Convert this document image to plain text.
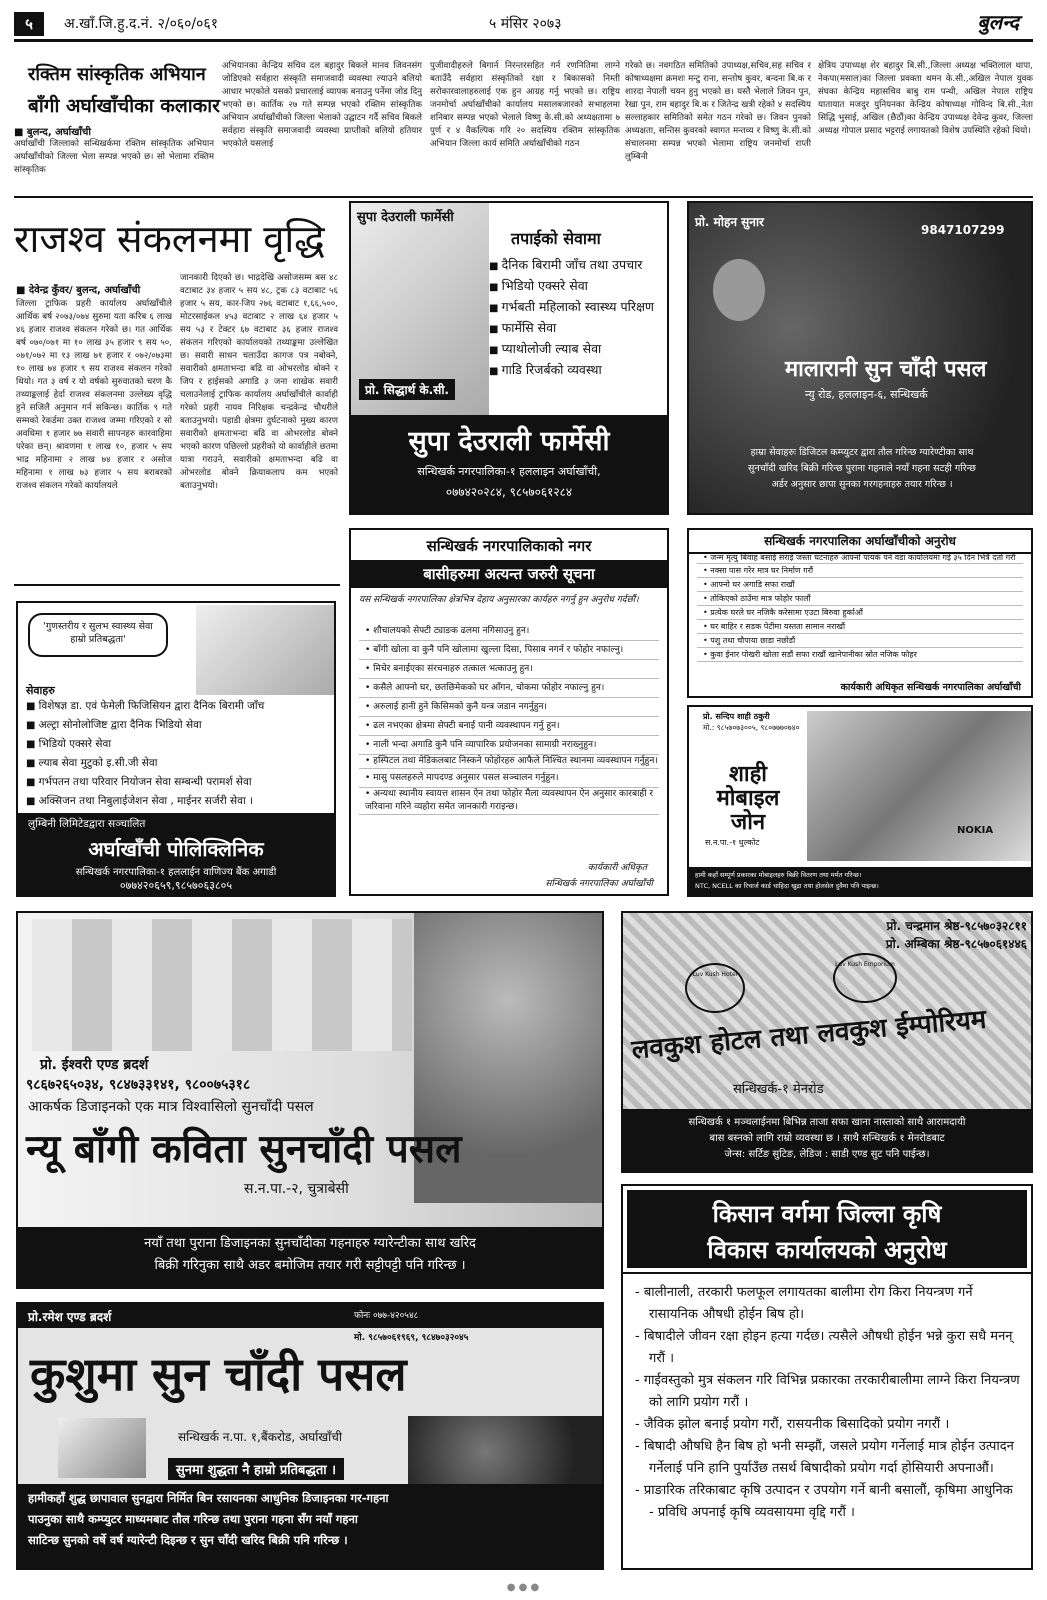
५	अ.खाँ.जि.हु.द.नं. २/०६०/०६१	५ मंसिर २०७३	बुलन्द
रक्तिम सांस्कृतिक अभियान
बाँगी अर्घाखाँचीका कलाकार
■ बुलन्द, अर्घाखाँची
अर्घाखाँची जिल्लाको सन्धिखर्कमा रक्तिम सांस्कृतिक अभियान अर्घाखाँचीको जिल्ला भेला सम्पन्न भएको छ। सो भेलामा रक्तिम सांस्कृतिक
अभियानका केन्द्रिय सचिव दल बहादुर बिकले मानव जिवनसंग जोडिएको सर्वहारा संस्कृति समाजवादी व्यवस्था ल्याउने बलियो आधार भएकोले यसको प्रचारलाई व्यापक बनाउनु पर्नेमा जोड दिनु भएको छ। कार्तिक २७ गते सम्पन्न भएको रक्तिम सांस्कृतिक अभियान अर्घाखाँचीको जिल्ला भेलाको उद्घाटन गर्दै सचिव बिकले सर्वहारा संस्कृति समाजवादी व्यवस्था प्राप्तीको बलियो हतियार भएकोले यसलाई
पुजीवादीहरुले बिगार्न निरन्तरसहित गर्न रणनितिमा लाग्ने बताउँदै सर्वहारा संस्कृतिको रक्षा र बिकासको निम्ती सरोकारवालाहरुलाई एक हुन आग्रह गर्नु भएको छ। राष्ट्रिय जनमोर्चा अर्घाखाँचीको कार्यालय मसालबजारको सभाहलमा शनिबार सम्पन्न भएको भेलाले विष्णु के.सी.को अध्यक्षतामा ७ पुर्ण र ४ वैकल्पिक गरि २० सदस्यिय रक्तिम सांस्कृतिक अभियान जिल्ला कार्य समिति अर्घाखाँचीको गठन
गरेको छ। नवगठित समितिको उपाध्यक्ष,सचिव,सह सचिव र कोषाध्यक्षमा क्रमशः मन्टु राना, सन्तोष कुवर, बन्दना बि.क र शारदा नेपाली चयन हुनु भएको छ। यस्तै भेलाले जिवन पुन, रेखा पुन, राम बहादुर बि.क र जितेन्द्र खत्री रहेको ४ सदस्यिय सल्लाहकार समितिको समेत गठन गरेको छ। जिवन पुनको अध्यक्षता, सन्तिस कुवरको स्वागत मन्तव्य र विष्णु के.सी.को संचालनमा सम्पन्न भएको भेलामा राष्ट्रिय जनमोर्चा राप्ती लुम्बिनी
क्षेत्रिय उपाध्यक्ष शेर बहादुर बि.सी.,जिल्ला अध्यक्ष भक्तिलाल थापा, नेकपा(मसाल)का जिल्ला प्रवक्ता थमन के.सी.,अखिल नेपाल युवक संघका केन्द्रिय महासचिव बाबु राम पन्थी, अखिल नेपाल राष्ट्रिय यातायात मजदुर युनियनका केन्द्रिय कोषाध्यक्ष गोविन्द बि.सी.,नेता सिद्धि भुसाई, अखिल (छैठौं)का केन्द्रिय उपाध्यक्ष देवेन्द्र कुवर, जिल्ला अध्यक्ष गोपाल प्रसाद भट्टराई लगायतको विशेष उपस्थिति रहेको थियो।
राजश्व संकलनमा वृद्धि
■ देवेन्द्र कुँवर/ बुलन्द, अर्घाखाँची
जिल्ला ट्राफिक प्रहरी कार्यालय अर्घाखाँचीले आर्थिक बर्ष २०७३/०७४ सुरुमा यता करिब ६ लाख ४६ हजार राजश्व संकलन गरेको छ। गत आर्थिक बर्ष ०७०/०७१ मा १० लाख ३५ हजार ९ सय ५०, ०७१/०७२ मा १३ लाख ७१ हजार र ०७२/०७३मा १० लाख ७४ हजार ९ सय राजश्व संकलन गरेको थियो। गत ३ वर्ष र यो वर्षको सुरुवातको चरण कै तथ्याङ्कलाई हेर्दा राजश्व संकलनमा उल्लेख्य वृद्धि हुने सजिलै अनुमान गर्न सकिन्छ। कार्तिक ९ गते सम्मको रेकर्डमा उक्त राजश्व जम्मा गरिएको र सो अवधिमा १ हजार ७७ सवारी सापनहरु कारवाहिमा परेका छन्। श्रावणमा १ लाख १०, हजार ५ सय भाद्र महिनामा २ लाख ७४ हजार र असोज महिनामा १ लाख ७३ हजार ५ सय बराबरको राजश्व संकलन गरेको कार्यालयले
जानकारी दिएको छ। भाद्रदेखि असोजसम्म बस ४८ वटाबाट ३४ हजार ५ सय ४८, ट्रक ८३ वटाबाट ५६ हजार ५ सय, कार-जिप २७६ वटाबाट १,६६,५००, मोटरसाईकल ४५३ वटाबाट २ लाख ६४ हजार ५ सय ५३ र टेक्टर ६७ वटाबाट ३६ हजार राजश्व संकलन गरिएको कार्यालयको तथ्याङ्कमा उल्लेखित छ। सवारी साधन चलाउँदा कागज पत्र नबोक्ने, सवारीको क्षमताभन्दा बढि वा ओभरलोड बोक्ने र जिप र हाईसको अगाडि ३ जना शाखेक सवारी चलाउनेलाई ट्राफिक कार्यालय अर्घाखाँचीले कार्वाही गरेको प्रहरी नायव निरिक्षक चन्द्रकेन्द्र चौधरीले बताउनुभयो। पहाडी क्षेत्रमा दुर्घटनाको मुख्य कारण सवारीको क्षमताभन्दा बढि वा ओभरलोड बोक्ने भएको कारण पछिल्लो प्रहरीको यो कार्वाहीले छतमा यात्रा गराउने, सवारीको क्षमताभन्दा बढि वा ओभरलोड बोक्ने क्रियाकलाप कम भएको बताउनुभयो।
सुपा देउराली फार्मेसी
तपाईको सेवामा
■ दैनिक बिरामी जाँच तथा उपचार
■ भिडियो एक्सरे सेवा
■ गर्भबती महिलाको स्वास्थ्य परिक्षण
■ फार्मेसि सेवा
■ प्याथोलोजी ल्याब सेवा
■ गाडि रिजर्बको व्यवस्था
प्रो. सिद्धार्थ के.सी.
सुपा देउराली फार्मेसी
सन्धिखर्क नगरपालिका-१ हललाइन अर्घाखाँची,
०७७४२०२८४, ९८५७०६१२८४
प्रो. मोहन सुनार
9847107299
मालारानी सुन चाँदी पसल
न्यु रोड, हललाइन-६, सन्धिखर्क
हाम्रा सेवाहरुः डिजिटल कम्प्युटर द्वारा तौल गरिन्छ ग्यारेण्टीका साथ
सुनचाँदी खरिद बिक्री गरिन्छ पुराना गहनाले नयाँ गहना सटही गरिन्छ
अर्डर अनुसार छापा सुनका गरगहनाहरु तयार गरिन्छ ।
'गुणस्तरीय र सुलभ स्वास्थ्य सेवा हाम्रो प्रतिबद्धता'
सेवाहरु
■ विशेषज्ञ डा. एवं फेमेली फिजिसियन द्वारा दैनिक बिरामी जाँच
■ अल्ट्रा सोनोलोजिष्ट द्वारा दैनिक भिडियो सेवा
■ भिडियो एक्सरे सेवा
■ ल्याब सेवा मुटुको इ.सी.जी सेवा
■ गर्भपतन तथा परिवार नियोजन सेवा सम्बन्धी परामर्श सेवा
■ अक्सिजन तथा निबुलाईजेशन सेवा , माईनर सर्जरी सेवा ।
लुम्बिनी लिमिटेडद्वारा सञ्चालित
अर्घाखाँची पोलिक्लिनिक
सन्धिखर्क नगरपालिका-१ हललाईन वाणिज्य बैंक अगाडी
०७७४२०६५९,९८५७०६३८०५
सन्धिखर्क नगरपालिकाको नगर
बासीहरुमा अत्यन्त जरुरी सूचना
यस सन्धिखर्क नगरपालिका क्षेत्रभित्र देहाय अनुसारका कार्यहरु नगर्नु हुन अनुरोध गर्दछौं।
• शौचालयको सेफ्टी ट्याङक ढलमा नगिसाउनु हुन।
• बाँगी खोला वा कुनै पनि खोलामा खुल्ला दिसा, पिसाब नगर्न र फोहोर नफाल्नु।
• मिचेर बनाईएका संरचनाहरु तत्काल भत्काउनु हुन।
• कसैले आफ्नो घर, छतछिमेकको घर आँगन, चोकमा फोहोर नफाल्नु हुन।
• अरुलाई हानी हुने किसिमको कुनै यन्त्र जडान नगर्नुहुन।
• ढल नभएका क्षेत्रमा सेफ्टी बनाई पानी व्यवस्थापन गर्नु हुन।
• नाली भन्दा अगाडि कुनै पनि व्यापारिक प्रयोजनका सामाग्री नराख्नुहुन।
• हस्पिटल तथा मेडिकलबाट निस्कने फोहोरहरु आफैले निश्चित स्थानमा व्यवस्थापन गर्नुहुन।
• मासु पसलहरुले मापदण्ड अनुसार पसल सञ्चालन गर्नुहुन।
• अन्यथा स्थानीय स्वायत्त शासन ऐन तथा फोहोर मैला व्यवस्थापन ऐन अनुसार कारबाही र जरिवाना गरिने व्यहोरा समेत जानकारी गराइन्छ।
कार्यकारी अधिकृत
सन्धिखर्क नगरपालिका अर्घाखाँची
सन्धिखर्क नगरपालिका अर्घाखाँचीको अनुरोध
• जन्म मृत्यु बिवाह बसाई सराई जस्ता घटनाहरु आफ्नो पायक पर्ने वडा कार्यालयमा गई ३५ दिन भित्रै दर्ता गरौं
• नक्सा पास गरेर मात्र घर निर्माण गरौं
• आफ्नो घर अगाडि सफा राखौं
• तोकिएको ठाउँमा मात्र फोहोर फालौं
• प्रत्येक घरले घर नजिकै करेसामा एउटा बिरुवा हुर्काऔं
• घर बाहिर र सडक पेटीमा यस्तता सामान नराखौं
• पशु तथा चौपाया छाडा नछोडौं
• कुवा ईनार पोखरी खोला सडौं सफा राखौं खानेपानीका स्रोत नजिक फोहर
कार्यकारी अधिकृत सन्धिखर्क नगरपालिका अर्घाखाँची
प्रो. सन्दिप शाही ठकुरी
मो.: ९८५७०७३००५, ९८०७७७०७४०
शाही
मोबाइल
जोन
स.न.पा.-१ धुल्कोट
NOKIA
हामी कहाँ सम्पूर्ण प्रकारका मोबाइलहरु बिक्री वितरण तथा मर्मत गरिन्छ।
NTC, NCELL का रिचार्ज कार्ड चाहिदा खुद्रा तथा होलसेल दुवैमा पनि पाइन्छ।
प्रो. ईश्वरी एण्ड ब्रदर्श
९८६७२६५०३४, ९८४७३३१४१, ९८००७५३१८
आकर्षक डिजाइनको एक मात्र विश्वासिलो सुनचाँदी पसल
न्यू बाँगी कविता सुनचाँदी पसल
स.न.पा.-२, चुत्राबेसी
नयाँ तथा पुराना डिजाइनका सुनचाँदीका गहनाहरु ग्यारेन्टीका साथ खरिद
बिक्री गरिनुका साथै अडर बमोजिम तयार गरी सट्टीपट्टी पनि गरिन्छ ।
प्रो. चन्द्रमान श्रेष्ठ-९८५७०३२८११
प्रो. अम्बिका श्रेष्ठ-९८५७०६१४४६
Luv Kush Hotel
Luv Kush Emporium
लवकुश होटल तथा लवकुश ईम्पोरियम
सन्धिखर्क-१ मेनरोड
सन्धिखर्क १ मञ्चलाईनमा बिभिन्न ताजा सफा खाना नास्ताको साथै आरामदायी
बास बस्नको लागि राम्रो व्यवस्था छ । साथै सन्धिखर्क १ मेनरोडबाट
जेन्स: सर्टिङ सुटिङ, लेडिज : साडी एण्ड सुट पनि पाईन्छ।
किसान वर्गमा जिल्ला कृषि
विकास कार्यालयको अनुरोध
- बालीनाली, तरकारी फलफूल लगायतका बालीमा रोग किरा नियन्त्रण गर्ने रासायनिक औषधी होईन बिष हो।
- बिषादीले जीवन रक्षा होइन हत्या गर्दछ। त्यसैले औषधी होईन भन्ने कुरा सधै मनन् गरौं ।
- गाईवस्तुको मुत्र संकलन गरि विभिन्न प्रकारका तरकारीबालीमा लाग्ने किरा नियन्त्रण को लागि प्रयोग गरौं ।
- जैविक झोल बनाई प्रयोग गरौं, रासयनीक बिसादिको प्रयोग नगरौं ।
- बिषादी औषधि हैन बिष हो भनी सम्झौं, जसले प्रयोग गर्नेलाई मात्र होईन उत्पादन गर्नेलाई पनि हानि पुर्याउँछ तसर्थ बिषादीको प्रयोग गर्दा होसियारी अपनाऔं।
- प्राङारिक तरिकाबाट कृषि उत्पादन र उपयोग गर्ने बानी बसालौं, कृषिमा आधुनिक - प्रविधि अपनाई कृषि व्यवसायमा वृद्दि गरौं ।
प्रो.रमेश एण्ड ब्रदर्श	फोनः ०७७-४२०५४८
मो. ९८५७०६१९६९, ९८४७०३२०४५
कुशुमा सुन चाँदी पसल
सन्धिखर्क न.पा. १,बैंकरोड, अर्घाखाँची
सुनमा शुद्धता नै हाम्रो प्रतिबद्धता ।
हामीकहाँ शुद्ध छापावाल सुनद्वारा निर्मित बिन रसायनका आधुनिक डिजाइनका गर-गहना
पाउनुका साथै कम्प्युटर माध्यमबाट तौल गरिन्छ तथा पुराना गहना सँग नयाँ गहना
साटिन्छ सुनको वर्षे वर्ष ग्यारेन्टी दिइन्छ र सुन चाँदी खरिद बिक्री पनि गरिन्छ ।
● ● ●
